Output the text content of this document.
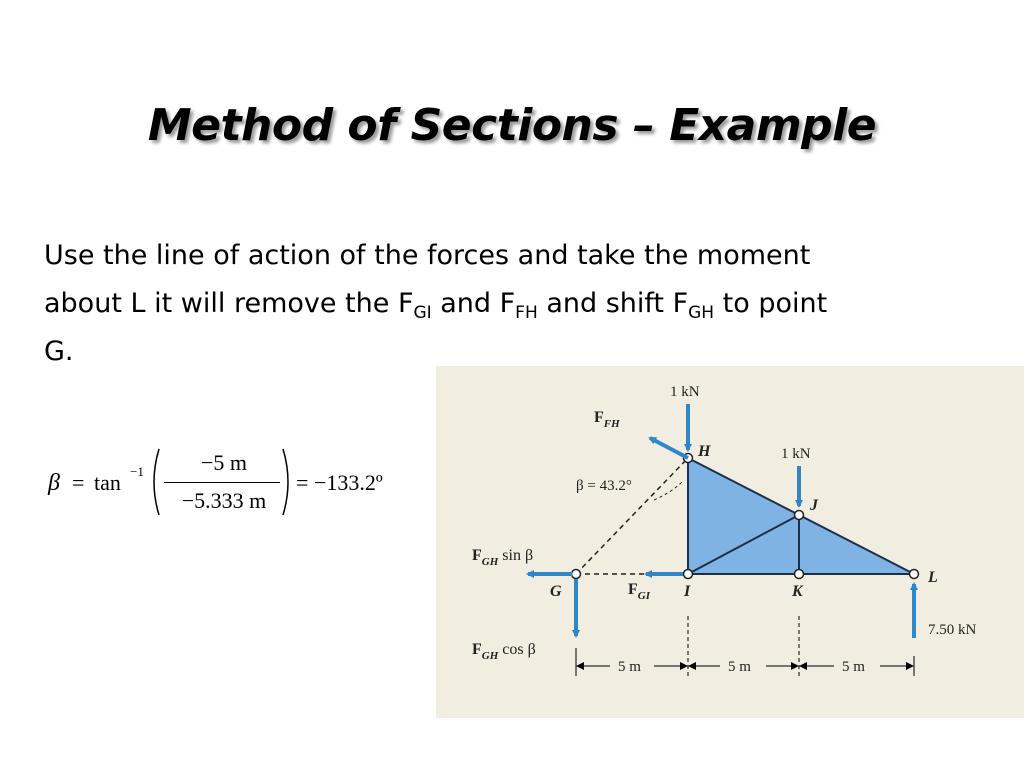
Method of Sections – Example

Use the line of action of the forces and take the moment
about L it will remove the $F_{GI}$ and $F_{FH}$ and shift $F_{GH}$ to point
G.

β = tan −1	−5 m
−5.333 m
= −133.2º
1 kN
1 kN
$F_{FH}$
H
J
β = 43.2°
$F_{GH}$ sin β
G	$F_{GI}$ I	K
L
7.50 kN
$F_{GH}$ cos β
5 m	5 m	5 m
